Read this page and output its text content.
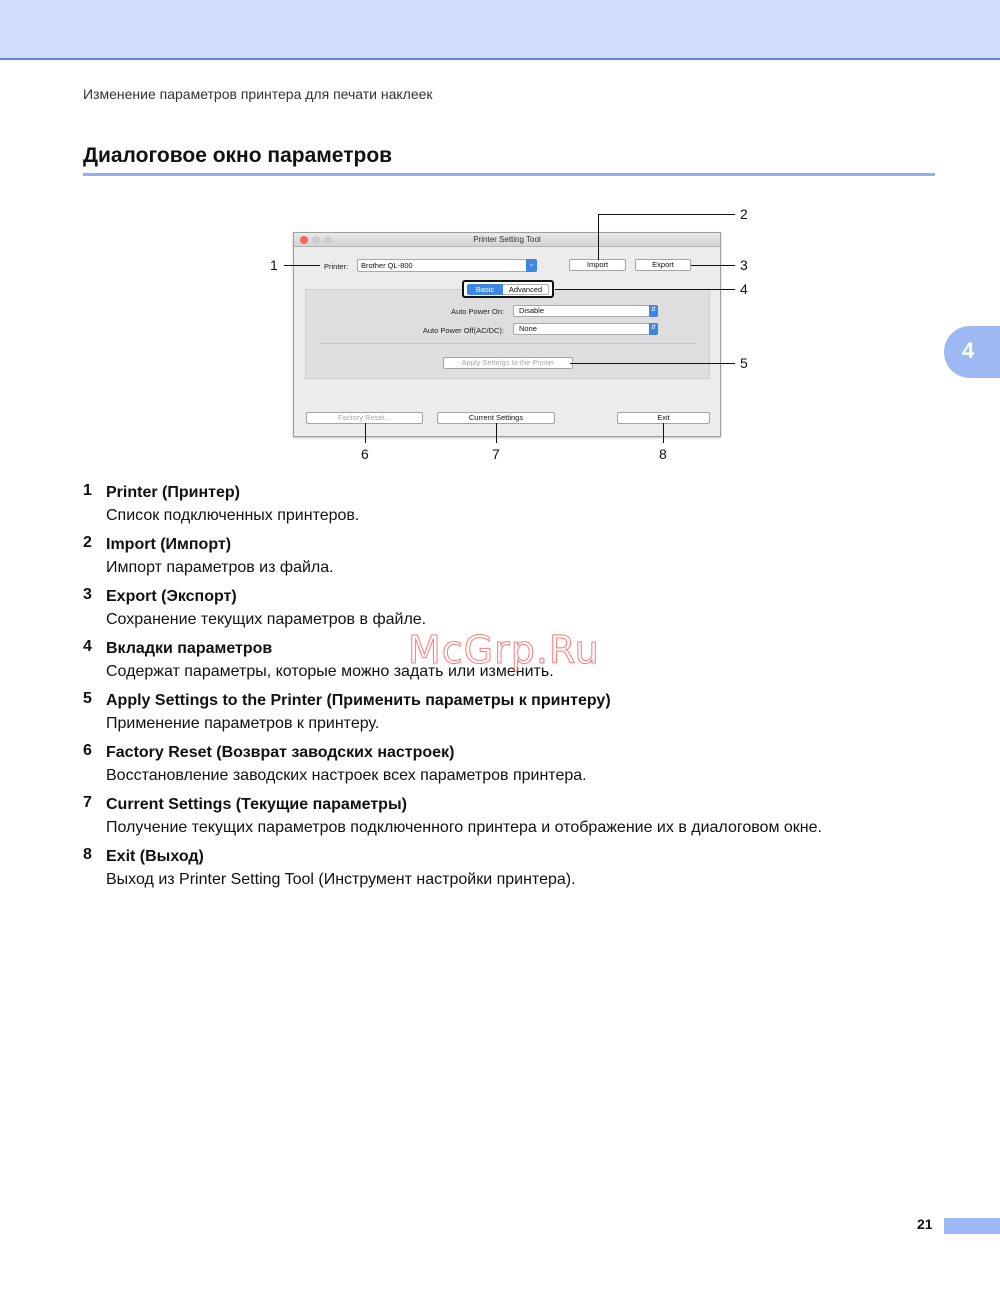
Изменение параметров принтера для печати наклеек
Диалоговое окно параметров
4
Printer Setting Tool
Printer:	Brother QL-800	⌄	Import	Export
Auto Power On:	Disable	⇵
Auto Power Off(AC/DC):	None	⇵
Apply Settings to the Printer
Basic	Advanced
Factory Reset...	Current Settings	Exit
1
2
3
4
5
6	7	8
1 Printer (Принтер)
Список подключенных принтеров.
2 Import (Импорт)
Импорт параметров из файла.
3 Export (Экспорт)
Сохранение текущих параметров в файле.
4 Вкладки параметров
Содержат параметры, которые можно задать или изменить.
5 Apply Settings to the Printer (Применить параметры к принтеру)
Применение параметров к принтеру.
6 Factory Reset (Возврат заводских настроек)
Восстановление заводских настроек всех параметров принтера.
7 Current Settings (Текущие параметры)
Получение текущих параметров подключенного принтера и отображение их в диалоговом окне.
8 Exit (Выход)
Выход из Printer Setting Tool (Инструмент настройки принтера).
McGrp.Ru
21
